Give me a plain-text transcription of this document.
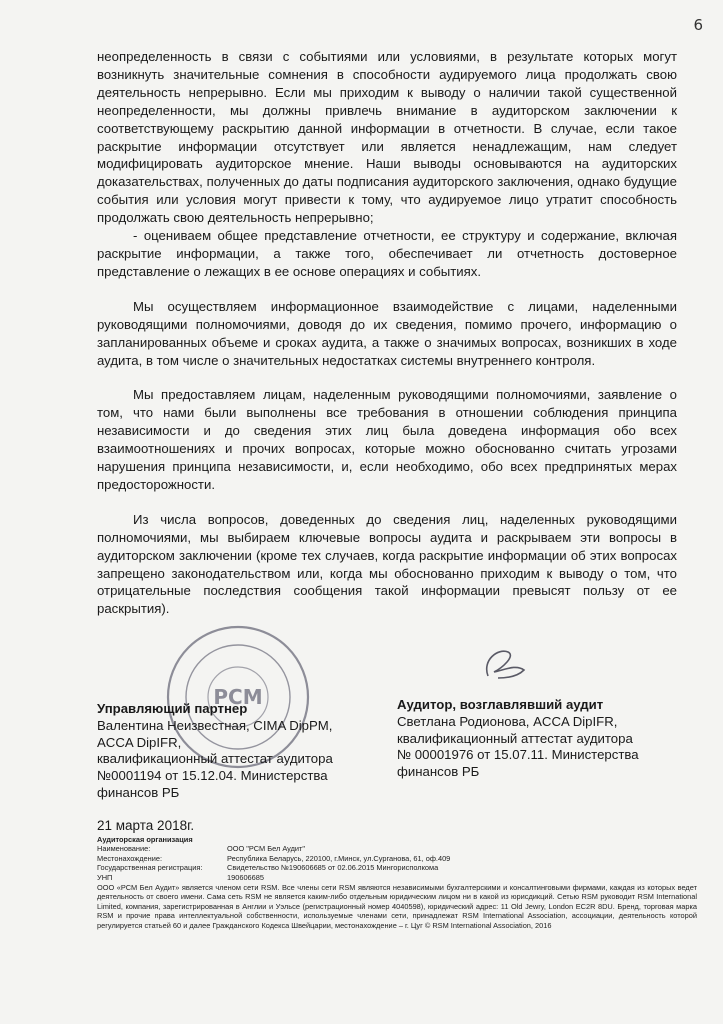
6

неопределенность в связи с событиями или условиями, в результате которых могут возникнуть значительные сомнения в способности аудируемого лица продолжать свою деятельность непрерывно. Если мы приходим к выводу о наличии такой существенной неопределенности, мы должны привлечь внимание в аудиторском заключении к соответствующему раскрытию данной информации в отчетности. В случае, если такое раскрытие информации отсутствует или является ненадлежащим, нам следует модифицировать аудиторское мнение. Наши выводы основываются на аудиторских доказательствах, полученных до даты подписания аудиторского заключения, однако будущие события или условия могут привести к тому, что аудируемое лицо утратит способность продолжать свою деятельность непрерывно;

- оцениваем общее представление отчетности, ее структуру и содержание, включая раскрытие информации, а также того, обеспечивает ли отчетность достоверное представление о лежащих в ее основе операциях и событиях.

Мы осуществляем информационное взаимодействие с лицами, наделенными руководящими полномочиями, доводя до их сведения, помимо прочего, информацию о запланированных объеме и сроках аудита, а также о значимых вопросах, возникших в ходе аудита, в том числе о значительных недостатках системы внутреннего контроля.

Мы предоставляем лицам, наделенным руководящими полномочиями, заявление о том, что нами были выполнены все требования в отношении соблюдения принципа независимости и до сведения этих лиц была доведена информация обо всех взаимоотношениях и прочих вопросах, которые можно обоснованно считать угрозами нарушения принципа независимости, и, если необходимо, обо всех предпринятых мерах предосторожности.

Из числа вопросов, доведенных до сведения лиц, наделенных руководящими полномочиями, мы выбираем ключевые вопросы аудита и раскрываем эти вопросы в аудиторском заключении (кроме тех случаев, когда раскрытие информации об этих вопросах запрещено законодательством или, когда мы обоснованно приходим к выводу о том, что отрицательные последствия сообщения такой информации превысят пользу от ее раскрытия).

РСМ
Управляющий партнер
Валентина Неизвестная, CIMA DipPM,
ACCA DipIFR,
квалификационный аттестат аудитора
№0001194 от 15.12.04. Министерства
финансов РБ
Аудитор, возглавлявший аудит
Светлана Родионова, ACCA DipIFR,
квалификационный аттестат аудитора
№ 00001976 от 15.07.11. Министерства
финансов РБ
21 марта 2018г.
Аудиторская организация
Наименование:	ООО "РСМ Бел Аудит"
Местонахождение:	Республика Беларусь, 220100, г.Минск, ул.Сурганова, 61, оф.409
Государственная регистрация:	Свидетельство №190606685 от 02.06.2015 Мингорисполкома
УНП	190606685
ООО «РСМ Бел Аудит» является членом сети RSM. Все члены сети RSM являются независимыми бухгалтерскими и консалтинговыми фирмами, каждая из которых ведет деятельность от своего имени. Сама сеть RSM не является каким-либо отдельным юридическим лицом ни в какой из юрисдикций. Сетью RSM руководит RSM International Limited, компания, зарегистрированная в Англии и Уэльсе (регистрационный номер 4040598), юридический адрес: 11 Old Jewry, London EC2R 8DU. Бренд, торговая марка RSM и прочие права интеллектуальной собственности, используемые членами сети, принадлежат RSM International Association, ассоциации, деятельность которой регулируется статьей 60 и далее Гражданского Кодекса Швейцарии, местонахождение – г. Цуг © RSM International Association, 2016
